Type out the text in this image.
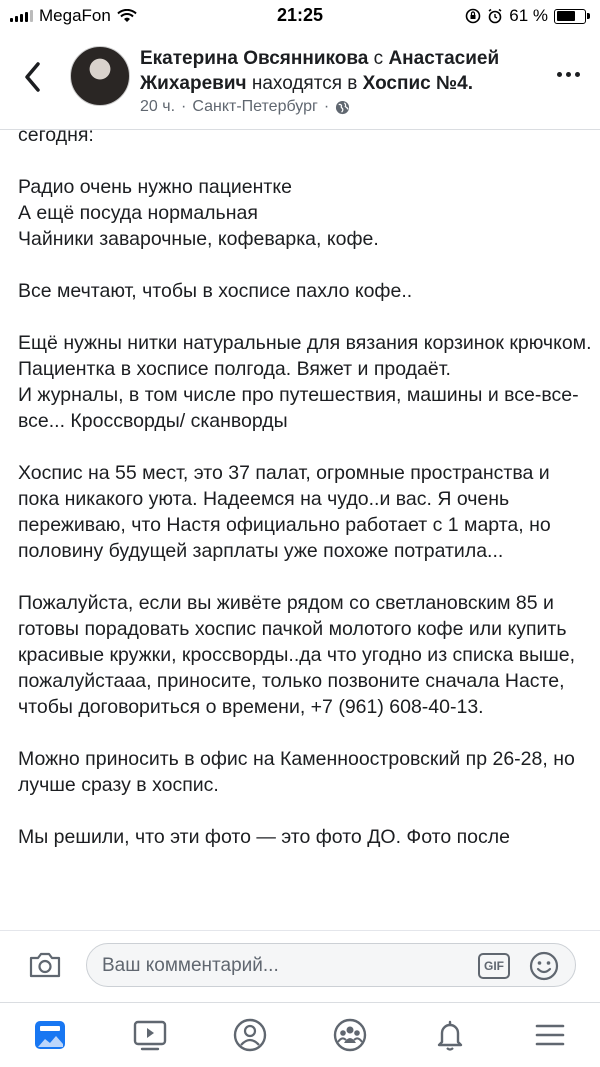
MegaFon	21:25	61 %
Екатерина Овсянникова с Анастасией Жихаревич находятся в Хоспис №4.
20 ч. · Санкт-Петербург ·

сегодня:

Радио очень нужно пациентке
А ещё посуда нормальная
Чайники заварочные, кофеварка, кофе.

Все мечтают, чтобы в хосписе пахло кофе..

Ещё нужны нитки натуральные для вязания корзинок крючком. Пациентка в хосписе полгода. Вяжет и продаёт.
И журналы, в том числе про путешествия, машины и все-все-все... Кроссворды/ сканворды

Хоспис на 55 мест, это 37 палат, огромные пространства и пока никакого уюта. Надеемся на чудо..и вас. Я очень переживаю, что Настя официально работает с 1 марта, но половину будущей зарплаты уже похоже потратила...

Пожалуйста, если вы живёте рядом со светлановским 85 и готовы порадовать хоспис пачкой молотого кофе или купить красивые кружки, кроссворды..да что угодно из списка выше, пожалуйстааа, приносите, только позвоните сначала Насте, чтобы договориться о времени, +7 (961) 608-40-13.

Можно приносить в офис на Каменноостровский пр 26-28, но лучше сразу в хоспис.

Мы решили, что эти фото — это фото ДО. Фото после

Ваш комментарий...	GIF
